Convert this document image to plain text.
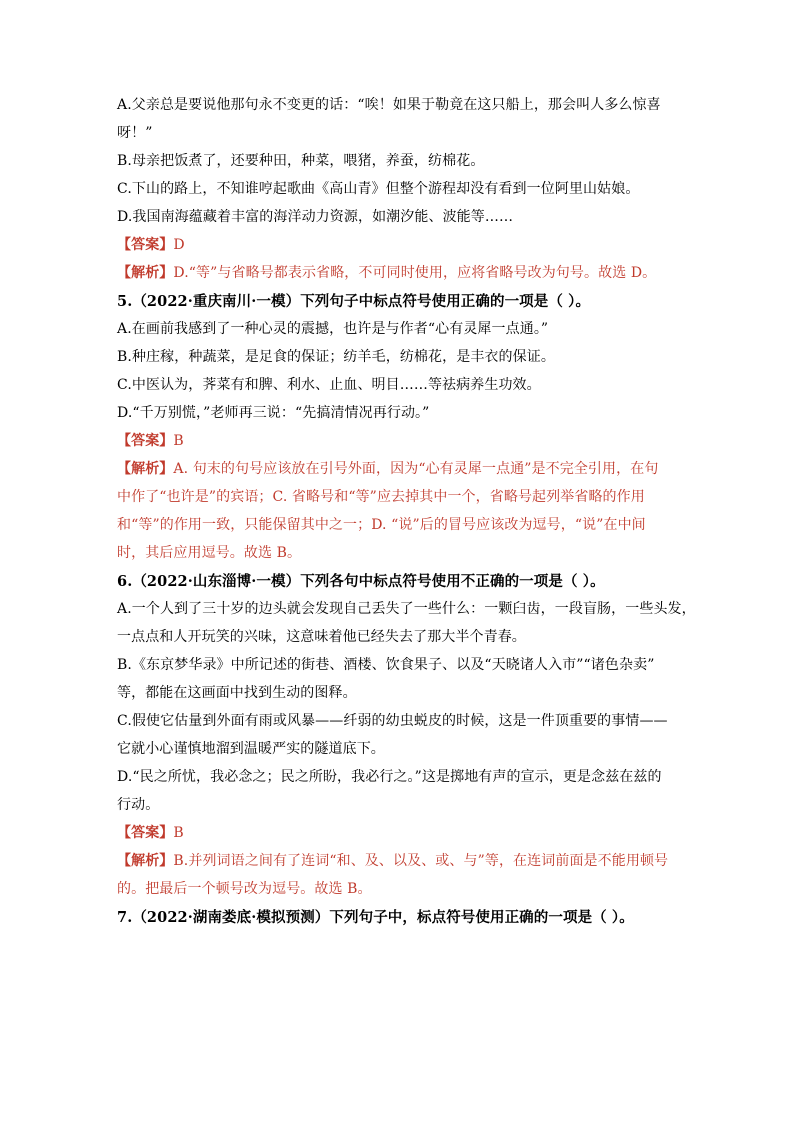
A.父亲总是要说他那句永不变更的话：“唉！如果于勒竟在这只船上，那会叫人多么惊喜

呀！”

B.母亲把饭煮了，还要种田，种菜，喂猪，养蚕，纺棉花。

C.下山的路上，不知谁哼起歌曲《高山青》但整个游程却没有看到一位阿里山姑娘。

D.我国南海蕴藏着丰富的海洋动力资源，如潮汐能、波能等……

【答案】D

【解析】D.“等”与省略号都表示省略，不可同时使用，应将省略号改为句号。故选 D。

5.（2022·重庆南川·一模）下列句子中标点符号使用正确的一项是（ ）。

A.在画前我感到了一种心灵的震撼，也许是与作者“心有灵犀一点通。”

B.种庄稼，种蔬菜，是足食的保证；纺羊毛，纺棉花，是丰衣的保证。

C.中医认为，荠菜有和脾、利水、止血、明目……等祛病养生功效。

D.“千万别慌，”老师再三说：“先搞清情况再行动。”

【答案】B

【解析】A. 句末的句号应该放在引号外面，因为“心有灵犀一点通”是不完全引用，在句

中作了“也许是”的宾语；C. 省略号和“等”应去掉其中一个，省略号起列举省略的作用

和“等”的作用一致，只能保留其中之一；D. “说”后的冒号应该改为逗号，“说”在中间

时，其后应用逗号。故选 B。

6.（2022·山东淄博·一模）下列各句中标点符号使用不正确的一项是（ ）。

A.一个人到了三十岁的边头就会发现自己丢失了一些什么：一颗臼齿，一段盲肠，一些头发，

一点点和人开玩笑的兴味，这意味着他已经失去了那大半个青春。

B.《东京梦华录》中所记述的街巷、酒楼、饮食果子、以及“天晓诸人入市”“诸色杂卖”

等，都能在这画面中找到生动的图释。

C.假使它估量到外面有雨或风暴——纤弱的幼虫蜕皮的时候，这是一件顶重要的事情——

它就小心谨慎地溜到温暖严实的隧道底下。

D.“民之所忧，我必念之；民之所盼，我必行之。”这是掷地有声的宣示，更是念兹在兹的

行动。

【答案】B

【解析】B.并列词语之间有了连词“和、及、以及、或、与”等，在连词前面是不能用顿号

的。把最后一个顿号改为逗号。故选 B。

7.（2022·湖南娄底·模拟预测）下列句子中，标点符号使用正确的一项是（ ）。
